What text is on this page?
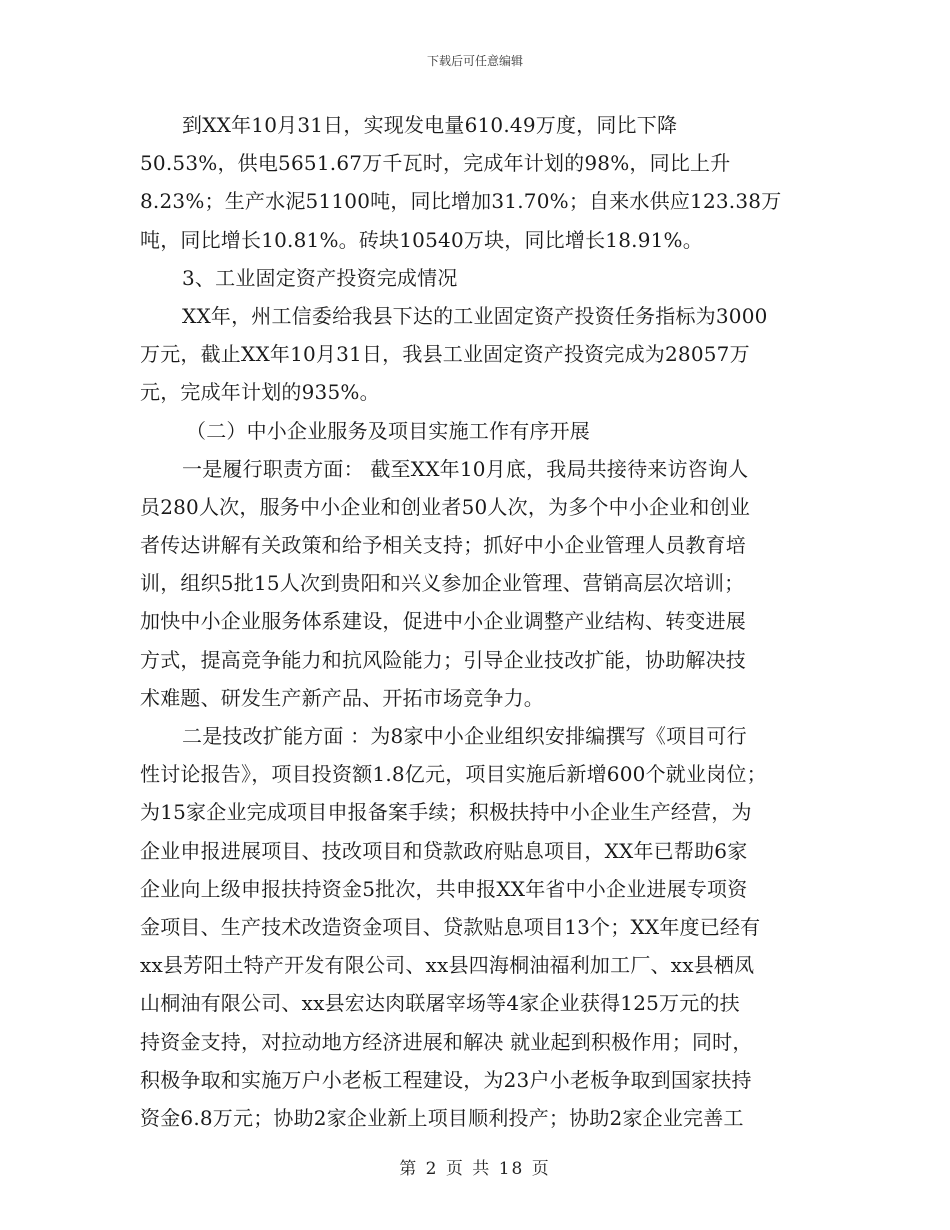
下载后可任意编辑
到XX年10月31日，实现发电量610.49万度，同比下降
50.53%，供电5651.67万千瓦时，完成年计划的98%，同比上升
8.23%；生产水泥51100吨，同比增加31.70%；自来水供应123.38万
吨，同比增长10.81%。砖块10540万块，同比增长18.91%。
3、工业固定资产投资完成情况
XX年，州工信委给我县下达的工业固定资产投资任务指标为3000
万元，截止XX年10月31日，我县工业固定资产投资完成为28057万
元，完成年计划的935%。
（二）中小企业服务及项目实施工作有序开展
一是履行职责方面： 截至XX年10月底，我局共接待来访咨询人
员280人次，服务中小企业和创业者50人次，为多个中小企业和创业
者传达讲解有关政策和给予相关支持；抓好中小企业管理人员教育培
训，组织5批15人次到贵阳和兴义参加企业管理、营销高层次培训；
加快中小企业服务体系建设，促进中小企业调整产业结构、转变进展
方式，提高竞争能力和抗风险能力；引导企业技改扩能，协助解决技
术难题、研发生产新产品、开拓市场竞争力。
二是技改扩能方面 ：为8家中小企业组织安排编撰写《项目可行
性讨论报告》，项目投资额1.8亿元，项目实施后新增600个就业岗位；
为15家企业完成项目申报备案手续；积极扶持中小企业生产经营，为
企业申报进展项目、技改项目和贷款政府贴息项目，XX年已帮助6家
企业向上级申报扶持资金5批次，共申报XX年省中小企业进展专项资
金项目、生产技术改造资金项目、贷款贴息项目13个；XX年度已经有
xx县芳阳土特产开发有限公司、xx县四海桐油福利加工厂、xx县栖凤
山桐油有限公司、xx县宏达肉联屠宰场等4家企业获得125万元的扶
持资金支持，对拉动地方经济进展和解决 就业起到积极作用；同时，
积极争取和实施万户小老板工程建设，为23户小老板争取到国家扶持
资金6.8万元；协助2家企业新上项目顺利投产；协助2家企业完善工
第 2 页 共 18 页
